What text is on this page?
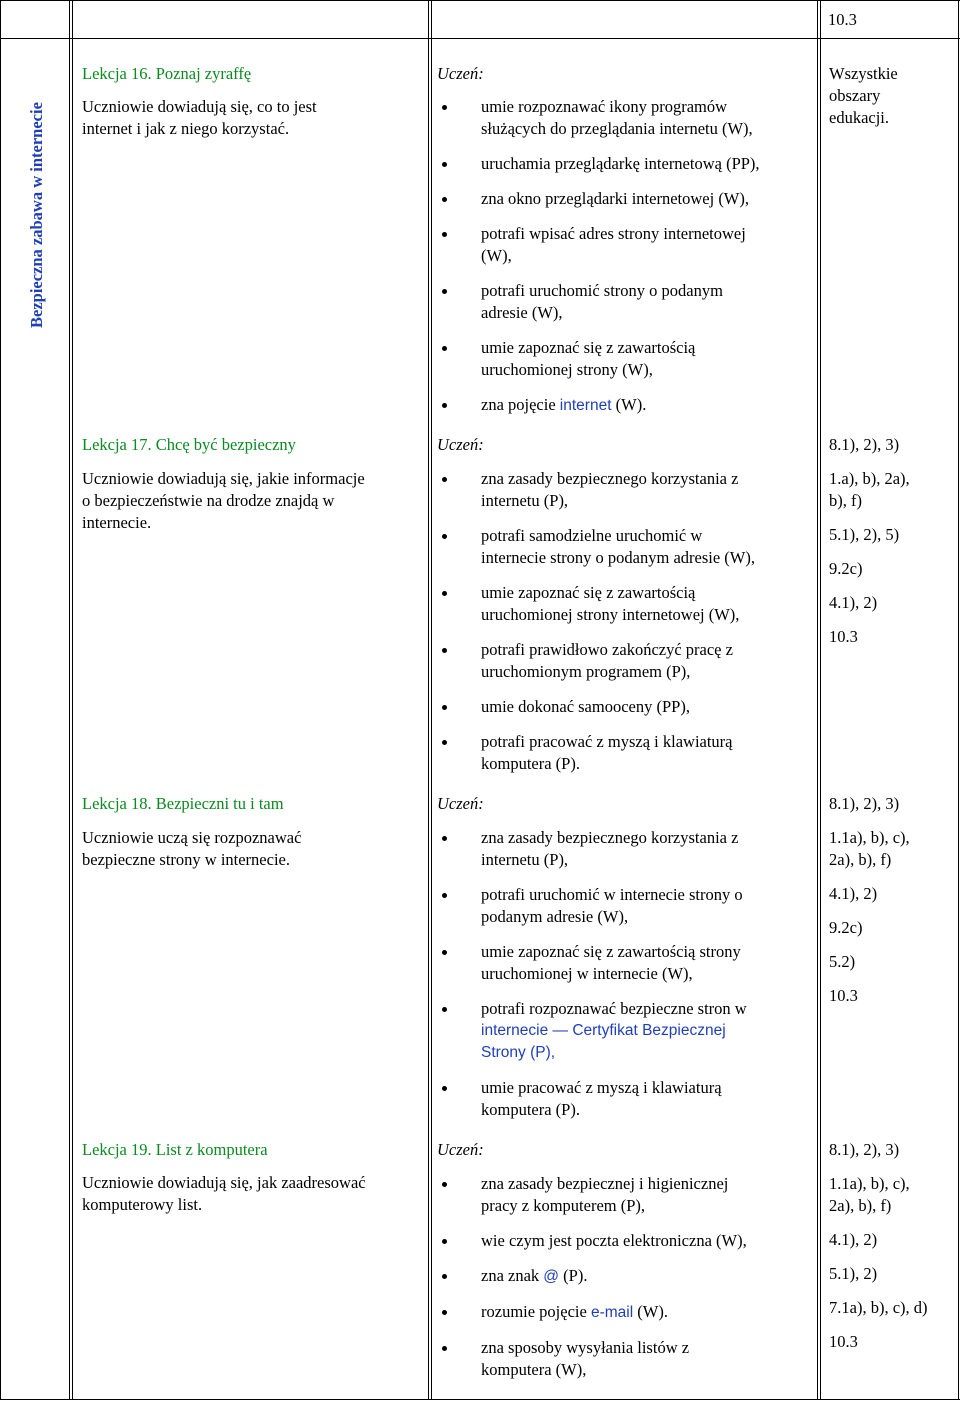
10.3
Bezpieczna zabawa w internecie
Lekcja 16. Poznaj zyraffę
Uczniowie dowiadują się, co to jest
internet i jak z niego korzystać.
Uczeń:
umie rozpoznawać ikony programów
służących do przeglądania internetu (W),
uruchamia przeglądarkę internetową (PP),
zna okno przeglądarki internetowej (W),
potrafi wpisać adres strony internetowej
(W),
potrafi uruchomić strony o podanym
adresie (W),
umie zapoznać się z zawartością
uruchomionej strony (W),
zna pojęcie internet (W).
Wszystkie
obszary
edukacji.
Lekcja 17. Chcę być bezpieczny
Uczniowie dowiadują się, jakie informacje
o bezpieczeństwie na drodze znajdą w
internecie.
Uczeń:
zna zasady bezpiecznego korzystania z
internetu (P),
potrafi samodzielne uruchomić w
internecie strony o podanym adresie (W),
umie zapoznać się z zawartością
uruchomionej strony internetowej (W),
potrafi prawidłowo zakończyć pracę z
uruchomionym programem (P),
umie dokonać samooceny (PP),
potrafi pracować z myszą i klawiaturą
komputera (P).
8.1), 2), 3)
1.a), b), 2a),
b), f)
5.1), 2), 5)
9.2c)
4.1), 2)
10.3
Lekcja 18. Bezpieczni tu i tam
Uczniowie uczą się rozpoznawać
bezpieczne strony w internecie.
Uczeń:
zna zasady bezpiecznego korzystania z
internetu (P),
potrafi uruchomić w internecie strony o
podanym adresie (W),
umie zapoznać się z zawartością strony
uruchomionej w internecie (W),
potrafi rozpoznawać bezpieczne stron w
internecie — Certyfikat Bezpiecznej
Strony (P),
umie pracować z myszą i klawiaturą
komputera (P).
8.1), 2), 3)
1.1a), b), c),
2a), b), f)
4.1), 2)
9.2c)
5.2)
10.3
Lekcja 19. List z komputera
Uczniowie dowiadują się, jak zaadresować
komputerowy list.
Uczeń:
zna zasady bezpiecznej i higienicznej
pracy z komputerem (P),
wie czym jest poczta elektroniczna (W),
zna znak @ (P).
rozumie pojęcie e-mail (W).
zna sposoby wysyłania listów z
komputera (W),
8.1), 2), 3)
1.1a), b), c),
2a), b), f)
4.1), 2)
5.1), 2)
7.1a), b), c), d)
10.3
